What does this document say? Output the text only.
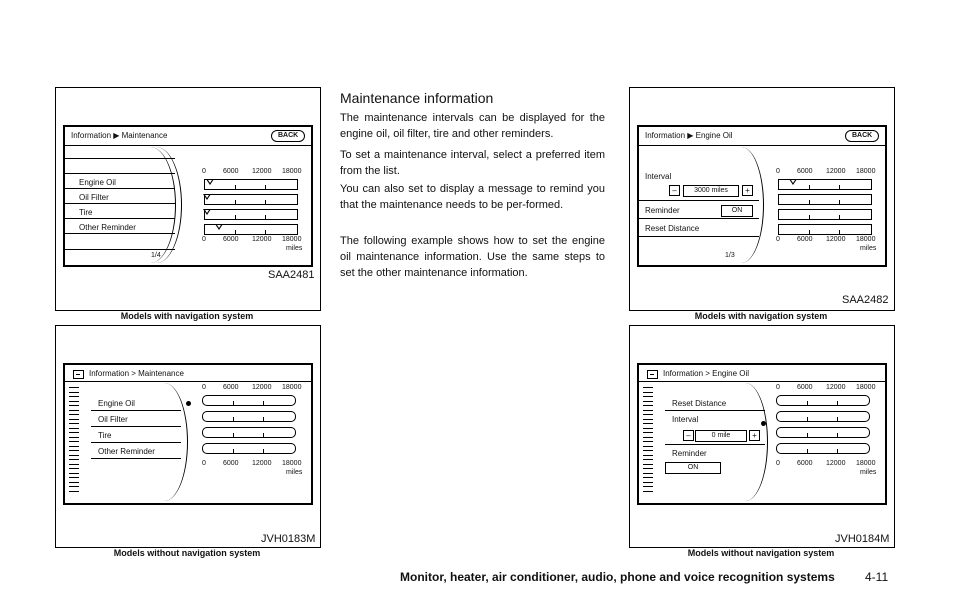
Information ▶ Maintenance	BACK
Engine Oil
Oil Filter
Tire
Other Reminder
0 6000 12000 18000
0 6000 12000 18000
miles
1/4
SAA2481
Models with navigation system
Information > Maintenance
Engine Oil
Oil Filter
Tire
Other Reminder
0 6000 12000 18000
0 6000 12000 18000
miles
JVH0183M
Models without navigation system
Maintenance information

The maintenance intervals can be displayed for the engine oil, oil filter, tire and other reminders.

To set a maintenance interval, select a preferred item from the list.

You can also set to display a message to remind you that the maintenance needs to be per-formed.

The following example shows how to set the engine oil maintenance information. Use the same steps to set the other maintenance information.

Information ▶ Engine Oil	BACK
Interval
–	3000 miles	+
Reminder	ON
Reset Distance
0 6000 12000 18000
0 6000 12000 18000
miles
1/3
SAA2482
Models with navigation system
Information > Engine Oil
Reset Distance
Interval
–	0 mile	+
Reminder
ON
0 6000 12000 18000
0 6000 12000 18000
miles
JVH0184M
Models without navigation system
Monitor, heater, air conditioner, audio, phone and voice recognition systems	4-11
